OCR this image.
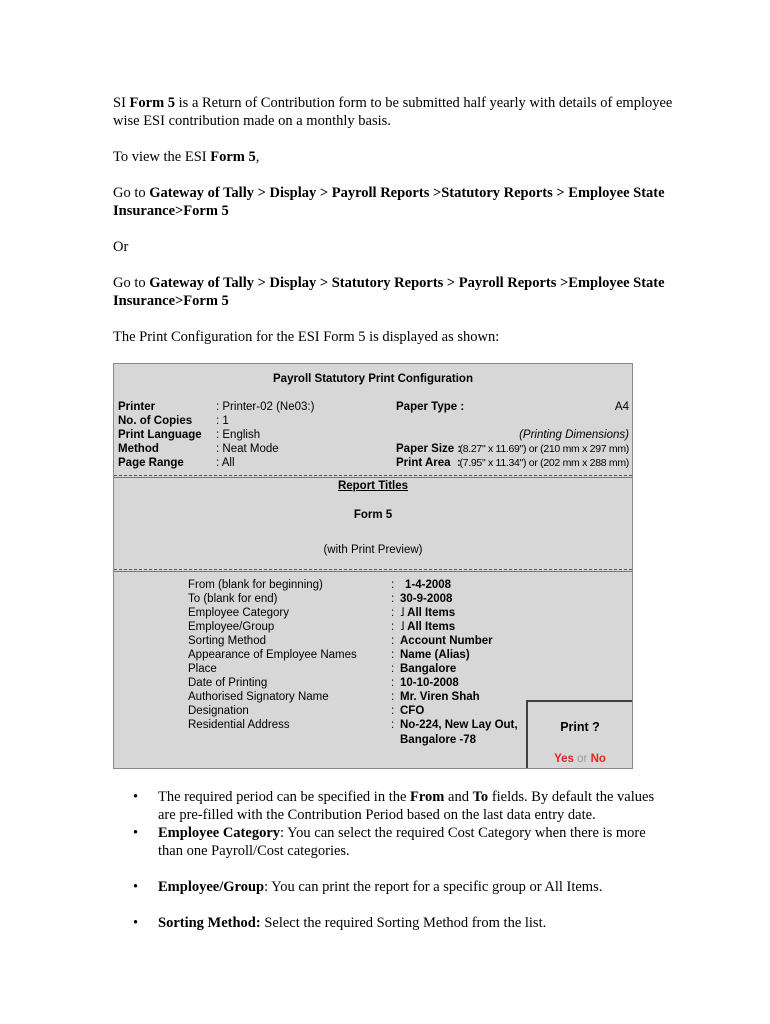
SI Form 5 is a Return of Contribution form to be submitted half yearly with details of employee wise ESI contribution made on a monthly basis.

To view the ESI Form 5,

Go to Gateway of Tally > Display > Payroll Reports >Statutory Reports > Employee State Insurance>Form 5

Or

Go to Gateway of Tally > Display > Statutory Reports > Payroll Reports >Employee State Insurance>Form 5

The Print Configuration for the ESI Form 5 is displayed as shown:

Payroll Statutory Print Configuration
Printer	: Printer-02 (Ne03:)
No. of Copies : 1
Print Language : English
Method	: Neat Mode
Page Range	: All
Paper Type :	A4
(Printing Dimensions)
Paper Size :
(8.27" x 11.69") or (210 mm x 297 mm)
Print Area  :
(7.95" x 11.34") or (202 mm x 288 mm)
Report Titles
Form 5
(with Print Preview)
From (blank for beginning)	: 1-4-2008
To (blank for end)	: 30-9-2008
Employee Category	: ˩ All Items
Employee/Group	: ˩ All Items
Sorting Method	: Account Number
Appearance of Employee Names	: Name (Alias)
Place	: Bangalore
Date of Printing	: 10-10-2008
Authorised Signatory Name	: Mr. Viren Shah
Designation	: CFO
Residential Address	: No-224, New Lay Out,
Bangalore -78
Print ?
Yes or No
• The required period can be specified in the From and To fields. By default the values are pre-filled with the Contribution Period based on the last data entry date.
• Employee Category: You can select the required Cost Category when there is more than one Payroll/Cost categories.
• Employee/Group: You can print the report for a specific group or All Items.
• Sorting Method: Select the required Sorting Method from the list.
